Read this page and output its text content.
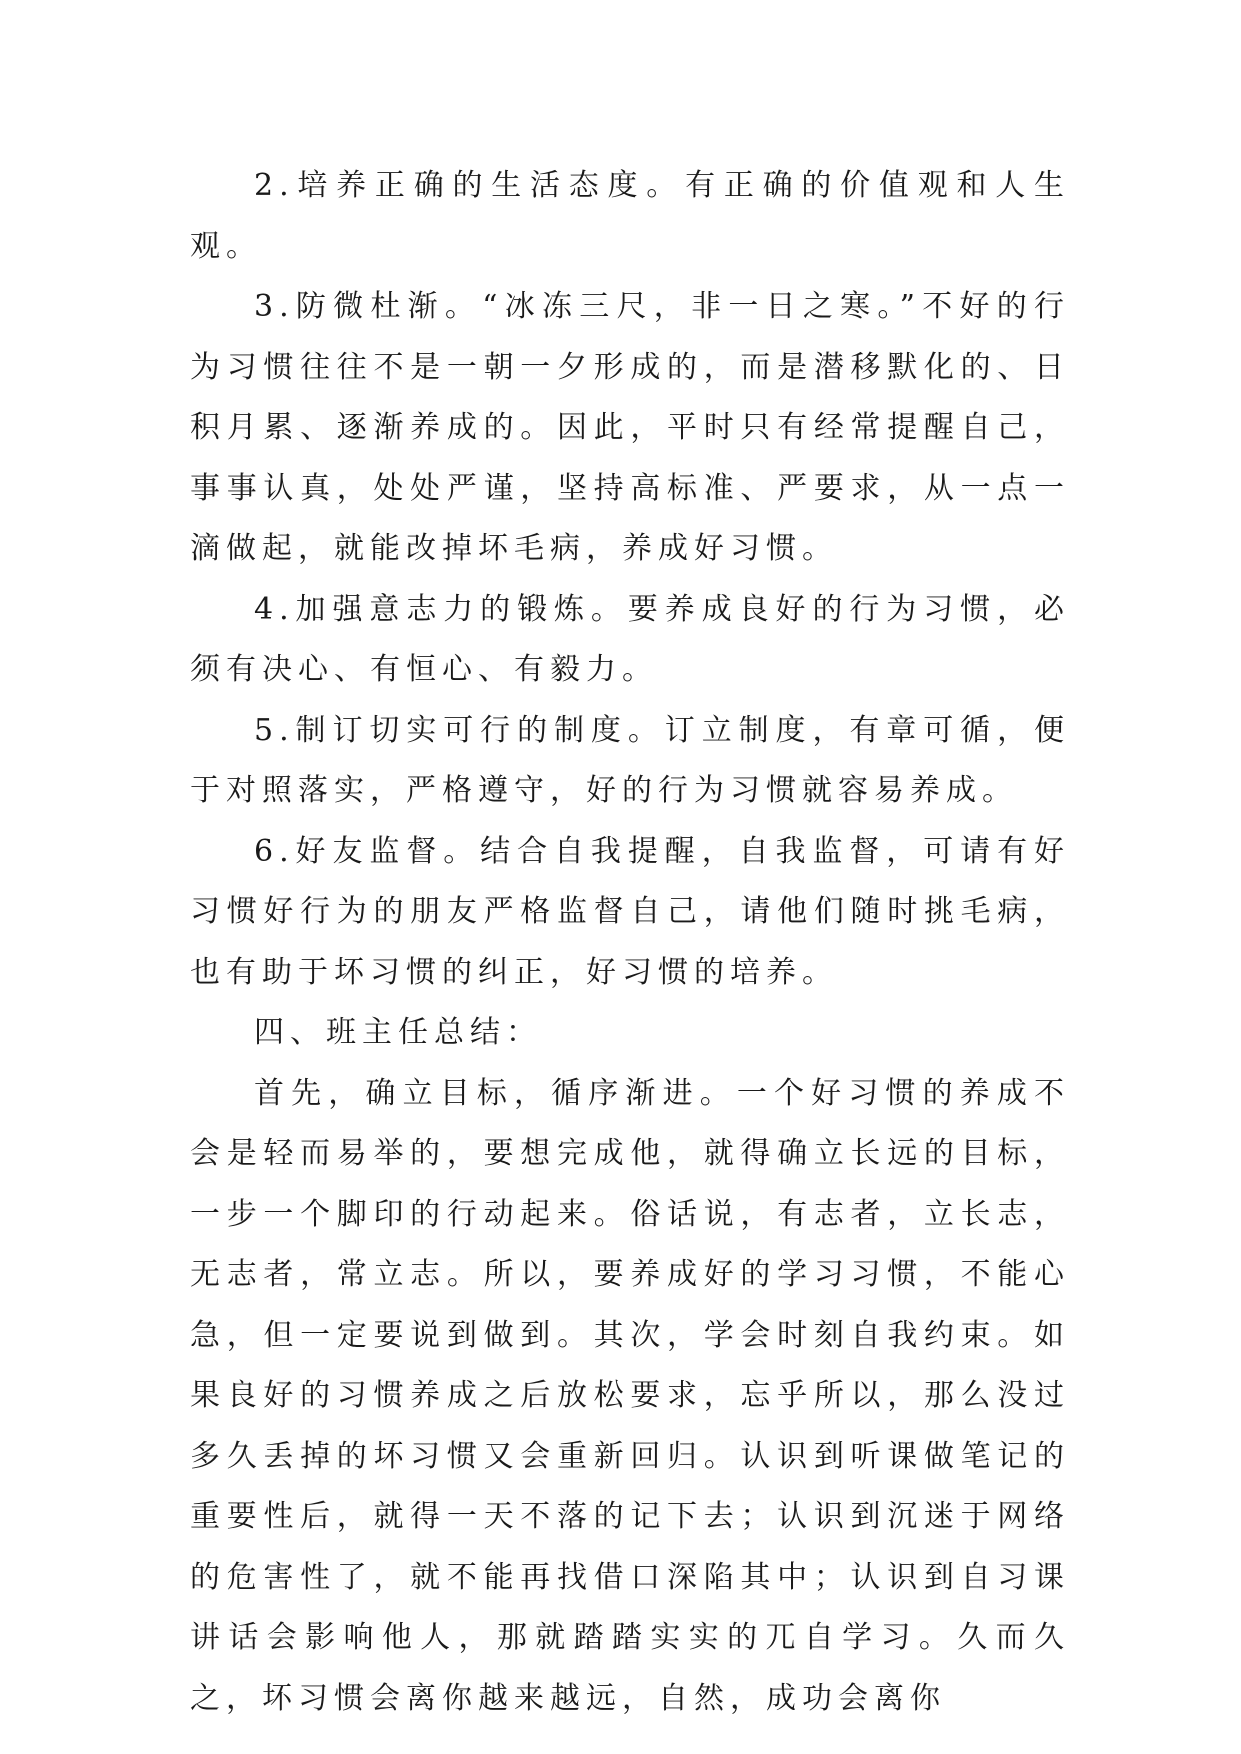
2.培养正确的生活态度。有正确的价值观和人生观。

3.防微杜渐。“冰冻三尺，非一日之寒。”不好的行为习惯往往不是一朝一夕形成的，而是潜移默化的、日积月累、逐渐养成的。因此，平时只有经常提醒自己，事事认真，处处严谨，坚持高标准、严要求，从一点一滴做起，就能改掉坏毛病，养成好习惯。

4.加强意志力的锻炼。要养成良好的行为习惯，必须有决心、有恒心、有毅力。

5.制订切实可行的制度。订立制度，有章可循，便于对照落实，严格遵守，好的行为习惯就容易养成。

6.好友监督。结合自我提醒，自我监督，可请有好习惯好行为的朋友严格监督自己，请他们随时挑毛病，也有助于坏习惯的纠正，好习惯的培养。

四、班主任总结：

首先，确立目标，循序渐进。一个好习惯的养成不会是轻而易举的，要想完成他，就得确立长远的目标，一步一个脚印的行动起来。俗话说，有志者，立长志，无志者，常立志。所以，要养成好的学习习惯，不能心急，但一定要说到做到。其次，学会时刻自我约束。如果良好的习惯养成之后放松要求，忘乎所以，那么没过多久丢掉的坏习惯又会重新回归。认识到听课做笔记的重要性后，就得一天不落的记下去；认识到沉迷于网络的危害性了，就不能再找借口深陷其中；认识到自习课讲话会影响他人，那就踏踏实实的兀自学习。久而久之，坏习惯会离你越来越远，自然，成功会离你
